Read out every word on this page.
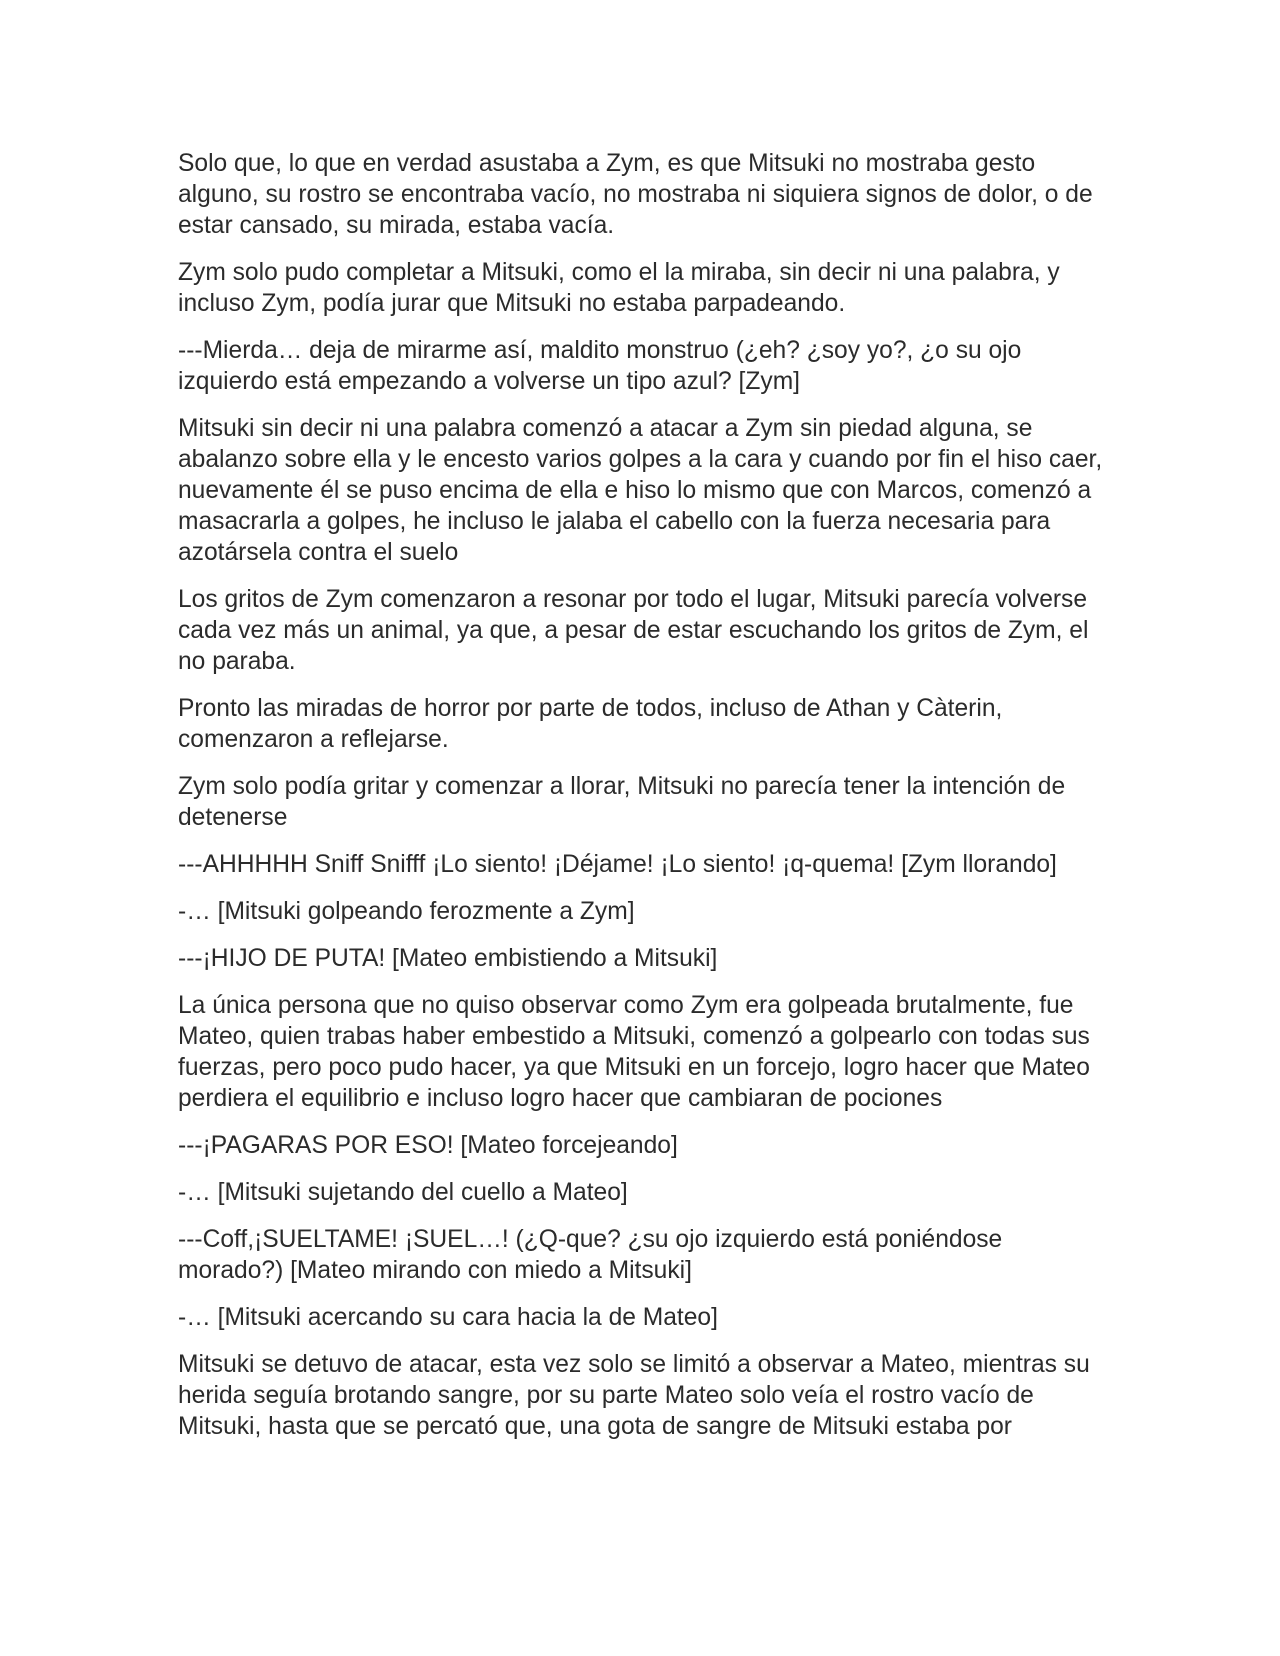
Solo que, lo que en verdad asustaba a Zym, es que Mitsuki no mostraba gesto alguno, su rostro se encontraba vacío, no mostraba ni siquiera signos de dolor, o de estar cansado, su mirada, estaba vacía.

Zym solo pudo completar a Mitsuki, como el la miraba, sin decir ni una palabra, y incluso Zym, podía jurar que Mitsuki no estaba parpadeando.

---Mierda… deja de mirarme así, maldito monstruo (¿eh? ¿soy yo?, ¿o su ojo izquierdo está empezando a volverse un tipo azul? [Zym]

Mitsuki sin decir ni una palabra comenzó a atacar a Zym sin piedad alguna, se abalanzo sobre ella y le encesto varios golpes a la cara y cuando por fin el hiso caer, nuevamente él se puso encima de ella e hiso lo mismo que con Marcos, comenzó a masacrarla a golpes, he incluso le jalaba el cabello con la fuerza necesaria para azotársela contra el suelo

Los gritos de Zym comenzaron a resonar por todo el lugar, Mitsuki parecía volverse cada vez más un animal, ya que, a pesar de estar escuchando los gritos de Zym, el no paraba.

Pronto las miradas de horror por parte de todos, incluso de Athan y Càterin, comenzaron a reflejarse.

Zym solo podía gritar y comenzar a llorar, Mitsuki no parecía tener la intención de detenerse

---AHHHHH Sniff Snifff ¡Lo siento! ¡Déjame! ¡Lo siento! ¡q-quema! [Zym llorando]

-… [Mitsuki golpeando ferozmente a Zym]

---¡HIJO DE PUTA! [Mateo embistiendo a Mitsuki]

La única persona que no quiso observar como Zym era golpeada brutalmente, fue Mateo, quien trabas haber embestido a Mitsuki, comenzó a golpearlo con todas sus fuerzas, pero poco pudo hacer, ya que Mitsuki en un forcejo, logro hacer que Mateo perdiera el equilibrio e incluso logro hacer que cambiaran de pociones

---¡PAGARAS POR ESO! [Mateo forcejeando]

-… [Mitsuki sujetando del cuello a Mateo]

---Coff,¡SUELTAME! ¡SUEL…! (¿Q-que? ¿su ojo izquierdo está poniéndose morado?) [Mateo mirando con miedo a Mitsuki]

-… [Mitsuki acercando su cara hacia la de Mateo]

Mitsuki se detuvo de atacar, esta vez solo se limitó a observar a Mateo, mientras su herida seguía brotando sangre, por su parte Mateo solo veía el rostro vacío de Mitsuki, hasta que se percató que, una gota de sangre de Mitsuki estaba por
